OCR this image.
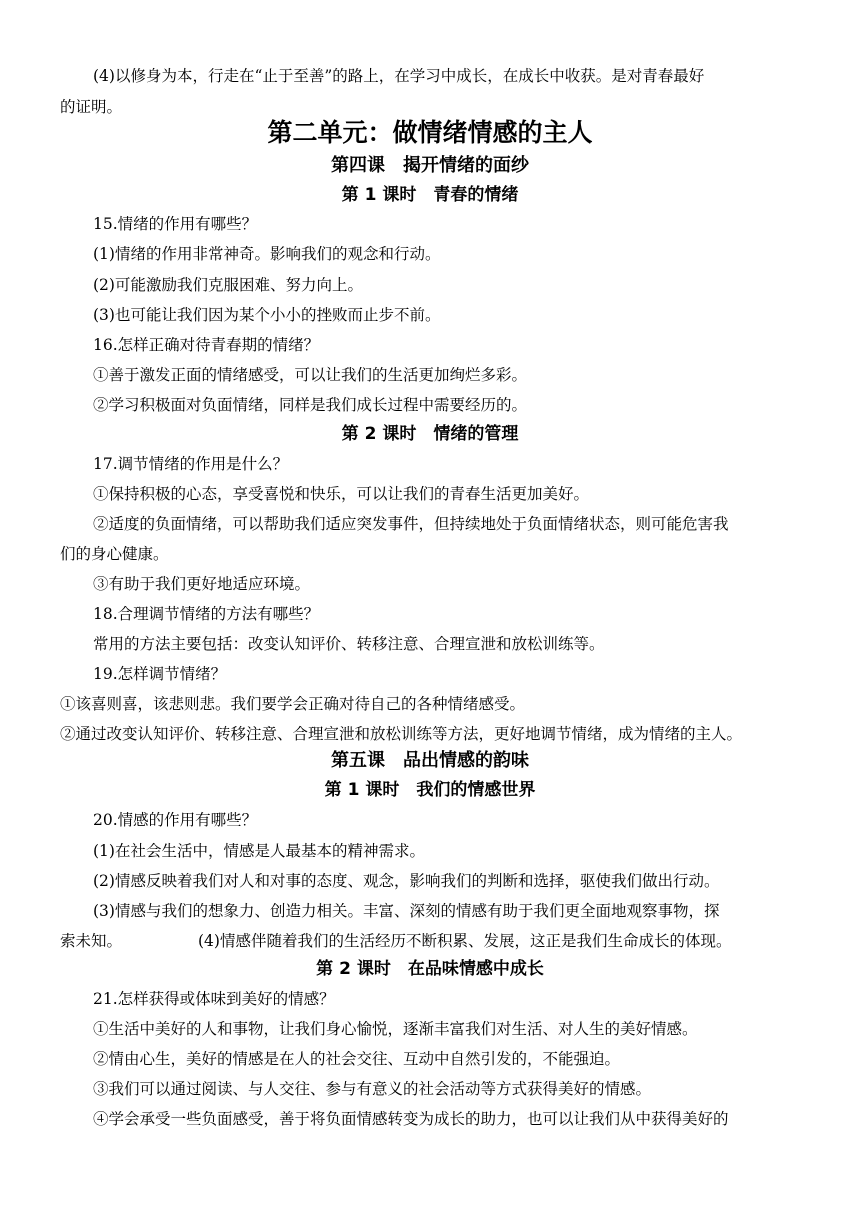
(4)以修身为本，行走在“止于至善”的路上，在学习中成长，在成长中收获。是对青春最好
的证明。
第二单元：做情绪情感的主人
第四课　揭开情绪的面纱
第 1 课时　青春的情绪
15.情绪的作用有哪些？
(1)情绪的作用非常神奇。影响我们的观念和行动。
(2)可能激励我们克服困难、努力向上。
(3)也可能让我们因为某个小小的挫败而止步不前。
16.怎样正确对待青春期的情绪？
①善于激发正面的情绪感受，可以让我们的生活更加绚烂多彩。
②学习积极面对负面情绪，同样是我们成长过程中需要经历的。
第 2 课时　情绪的管理
17.调节情绪的作用是什么？
①保持积极的心态，享受喜悦和快乐，可以让我们的青春生活更加美好。
②适度的负面情绪，可以帮助我们适应突发事件，但持续地处于负面情绪状态，则可能危害我
们的身心健康。
③有助于我们更好地适应环境。
18.合理调节情绪的方法有哪些？
常用的方法主要包括：改变认知评价、转移注意、合理宣泄和放松训练等。
19.怎样调节情绪？
①该喜则喜，该悲则悲。我们要学会正确对待自己的各种情绪感受。
②通过改变认知评价、转移注意、合理宣泄和放松训练等方法，更好地调节情绪，成为情绪的主人。
第五课　品出情感的韵味
第 1 课时　我们的情感世界
20.情感的作用有哪些？
(1)在社会生活中，情感是人最基本的精神需求。
(2)情感反映着我们对人和对事的态度、观念，影响我们的判断和选择，驱使我们做出行动。
(3)情感与我们的想象力、创造力相关。丰富、深刻的情感有助于我们更全面地观察事物，探
索未知。	(4)情感伴随着我们的生活经历不断积累、发展，这正是我们生命成长的体现。
第 2 课时　在品味情感中成长
21.怎样获得或体味到美好的情感？
①生活中美好的人和事物，让我们身心愉悦，逐渐丰富我们对生活、对人生的美好情感。
②情由心生，美好的情感是在人的社会交往、互动中自然引发的，不能强迫。
③我们可以通过阅读、与人交往、参与有意义的社会活动等方式获得美好的情感。
④学会承受一些负面感受，善于将负面情感转变为成长的助力，也可以让我们从中获得美好的
